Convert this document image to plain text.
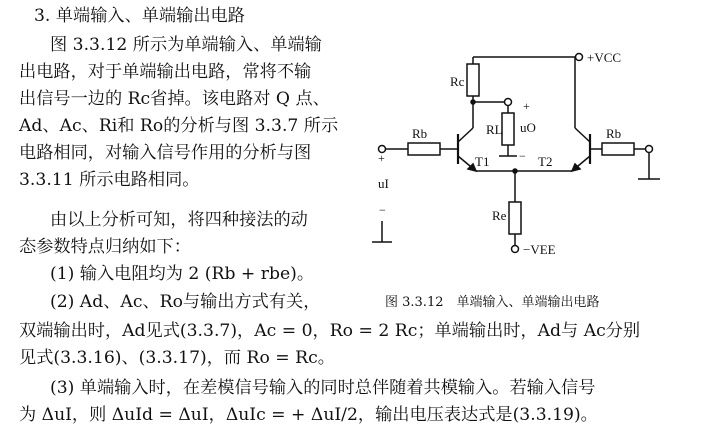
3. 单端输入、单端输出电路
图 3.3.12 所示为单端输入、单端输
出电路，对于单端输出电路，常将不输
出信号一边的 Rc省掉。该电路对 Q 点、
Ad、Ac、Ri和 Ro的分析与图 3.3.7 所示
电路相同，对输入信号作用的分析与图
3.3.11 所示电路相同。
由以上分析可知，将四种接法的动
态参数特点归纳如下：
(1) 输入电阻均为 2 (Rb + rbe)。
(2) Ad、Ac、Ro与输出方式有关，	图 3.3.12　单端输入、单端输出电路
双端输出时，Ad见式(3.3.7)，Ac = 0，Ro = 2 Rc；单端输出时，Ad与 Ac分别
见式(3.3.16)、(3.3.17)，而 Ro = Rc。
(3) 单端输入时，在差模信号输入的同时总伴随着共模输入。若输入信号
为 ΔuI，则 ΔuId = ΔuI，ΔuIc = + ΔuI/2，输出电压表达式是(3.3.19)。
+VCC
Rc
+
RL uO
−
T1	T2
Re
−VEE
Rb
+
uI
−
Rb
